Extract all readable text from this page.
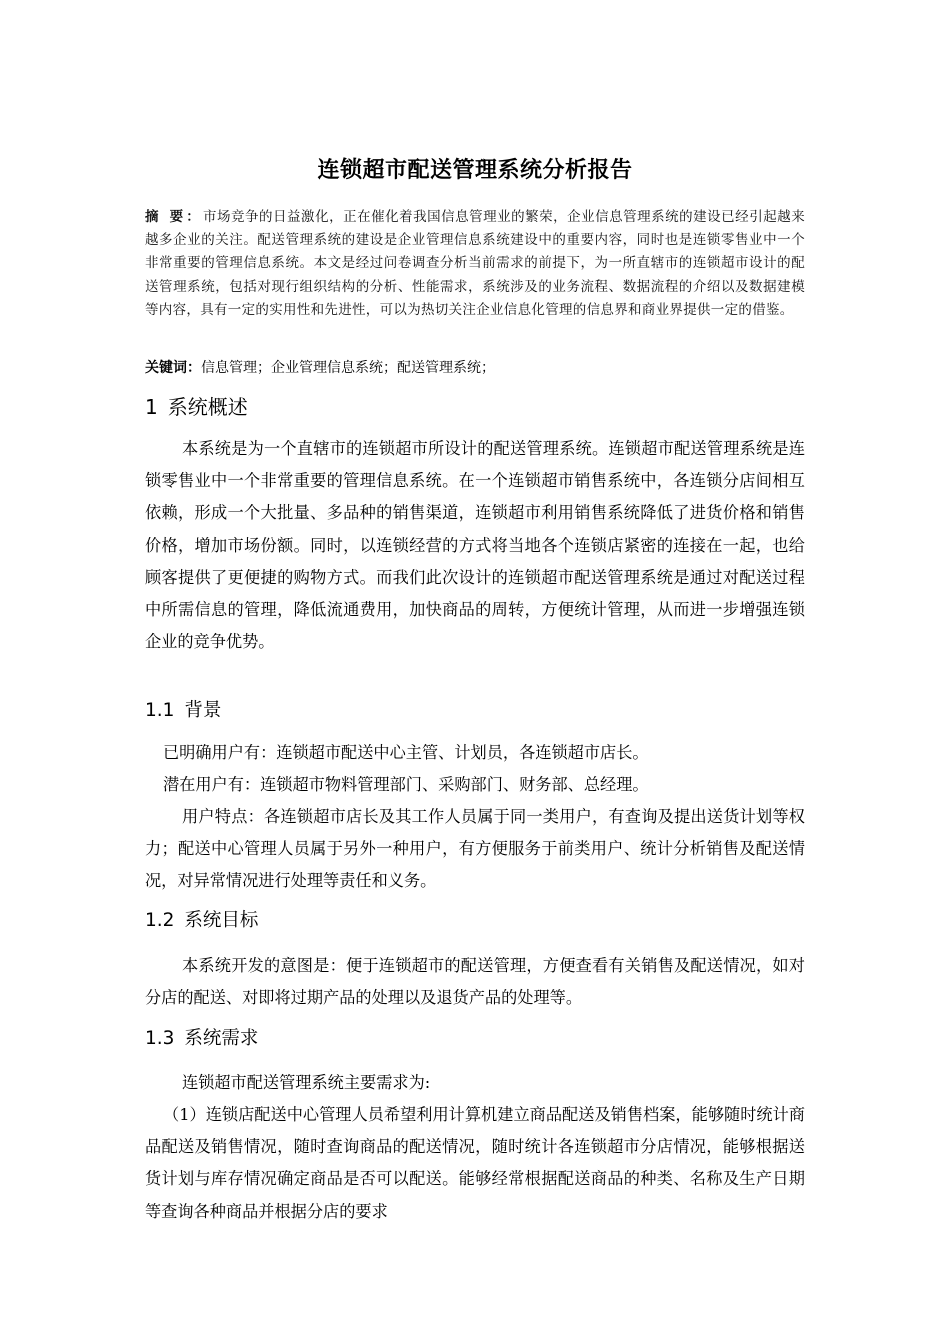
连锁超市配送管理系统分析报告
摘 要：市场竞争的日益激化，正在催化着我国信息管理业的繁荣，企业信息管理系统的建设已经引起越来越多企业的关注。配送管理系统的建设是企业管理信息系统建设中的重要内容，同时也是连锁零售业中一个非常重要的管理信息系统。本文是经过问卷调查分析当前需求的前提下，为一所直辖市的连锁超市设计的配送管理系统，包括对现行组织结构的分析、性能需求，系统涉及的业务流程、数据流程的介绍以及数据建模等内容，具有一定的实用性和先进性，可以为热切关注企业信息化管理的信息界和商业界提供一定的借鉴。
关键词：信息管理；企业管理信息系统；配送管理系统；
1 系统概述

本系统是为一个直辖市的连锁超市所设计的配送管理系统。连锁超市配送管理系统是连锁零售业中一个非常重要的管理信息系统。在一个连锁超市销售系统中，各连锁分店间相互依赖，形成一个大批量、多品种的销售渠道，连锁超市利用销售系统降低了进货价格和销售价格，增加市场份额。同时，以连锁经营的方式将当地各个连锁店紧密的连接在一起，也给顾客提供了更便捷的购物方式。而我们此次设计的连锁超市配送管理系统是通过对配送过程中所需信息的管理，降低流通费用，加快商品的周转，方便统计管理，从而进一步增强连锁企业的竞争优势。

1.1 背景

已明确用户有：连锁超市配送中心主管、计划员，各连锁超市店长。

潜在用户有：连锁超市物料管理部门、采购部门、财务部、总经理。

用户特点：各连锁超市店长及其工作人员属于同一类用户，有查询及提出送货计划等权力；配送中心管理人员属于另外一种用户，有方便服务于前类用户、统计分析销售及配送情况，对异常情况进行处理等责任和义务。

1.2 系统目标

本系统开发的意图是：便于连锁超市的配送管理，方便查看有关销售及配送情况，如对分店的配送、对即将过期产品的处理以及退货产品的处理等。

1.3 系统需求

连锁超市配送管理系统主要需求为:

（1）连锁店配送中心管理人员希望利用计算机建立商品配送及销售档案，能够随时统计商品配送及销售情况，随时查询商品的配送情况，随时统计各连锁超市分店情况，能够根据送货计划与库存情况确定商品是否可以配送。能够经常根据配送商品的种类、名称及生产日期等查询各种商品并根据分店的要求
